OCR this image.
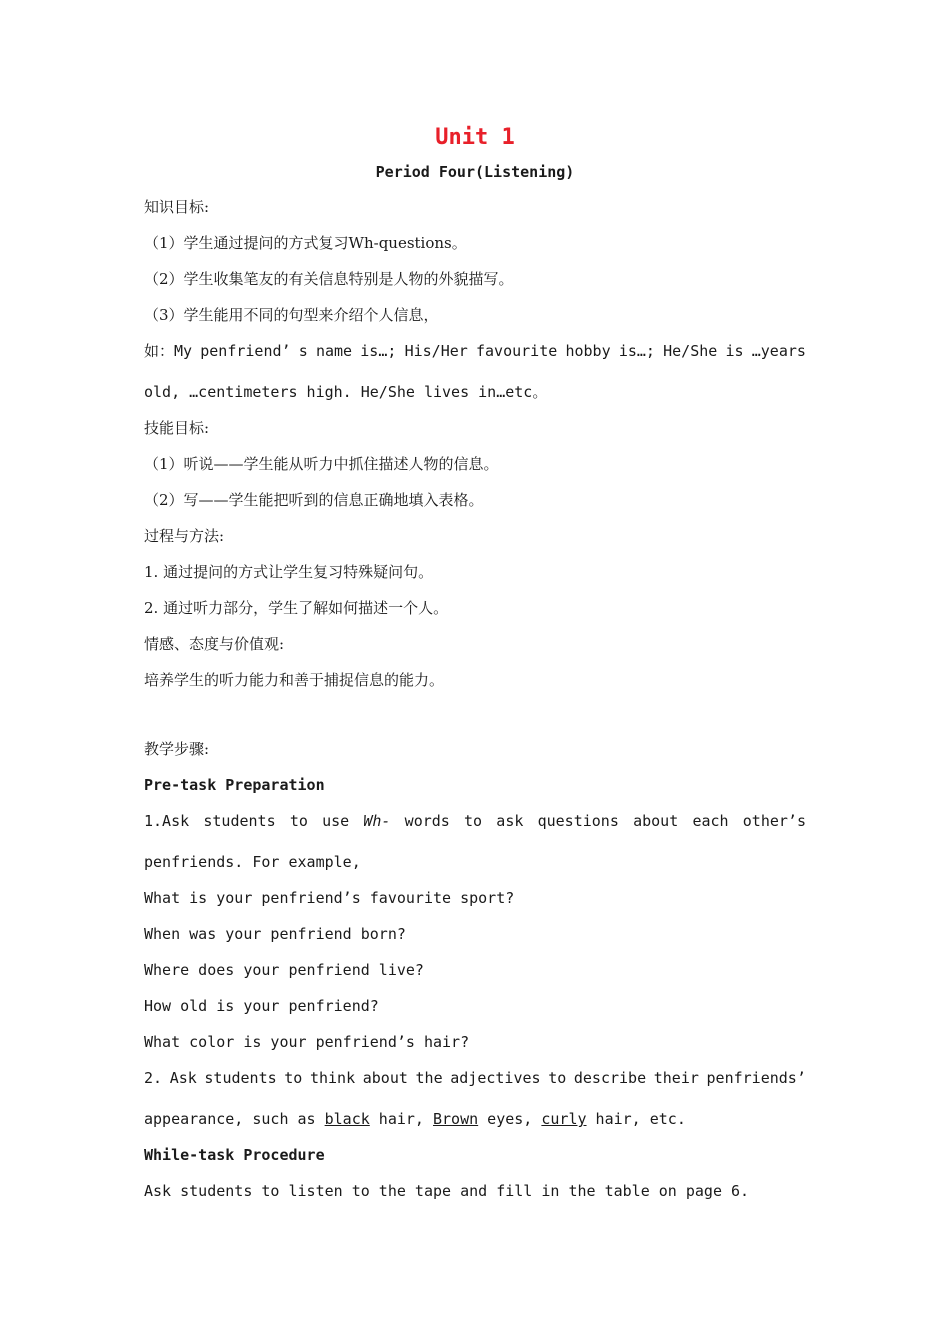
Unit 1
Period Four(Listening)
知识目标:
（1）学生通过提问的方式复习Wh-questions。
（2）学生收集笔友的有关信息特别是人物的外貌描写。
（3）学生能用不同的句型来介绍个人信息，
如：My penfriend’ s name is…; His/Her favourite hobby is…; He/She is …years
old, …centimeters high. He/She lives in…etc。
技能目标:
（1）听说——学生能从听力中抓住描述人物的信息。
（2）写——学生能把听到的信息正确地填入表格。
过程与方法:
1. 通过提问的方式让学生复习特殊疑问句。
2. 通过听力部分，学生了解如何描述一个人。
情感、态度与价值观:
培养学生的听力能力和善于捕捉信息的能力。
教学步骤:
Pre-task Preparation
1.Ask students to use Wh- words to ask questions about each other’s
penfriends. For example,
What is your penfriend’s favourite sport?
When was your penfriend born?
Where does your penfriend live?
How old is your penfriend?
What color is your penfriend’s hair?
2. Ask students to think about the adjectives to describe their penfriends’
appearance, such as black hair, Brown eyes, curly hair, etc.
While-task Procedure
Ask students to listen to the tape and fill in the table on page 6.
